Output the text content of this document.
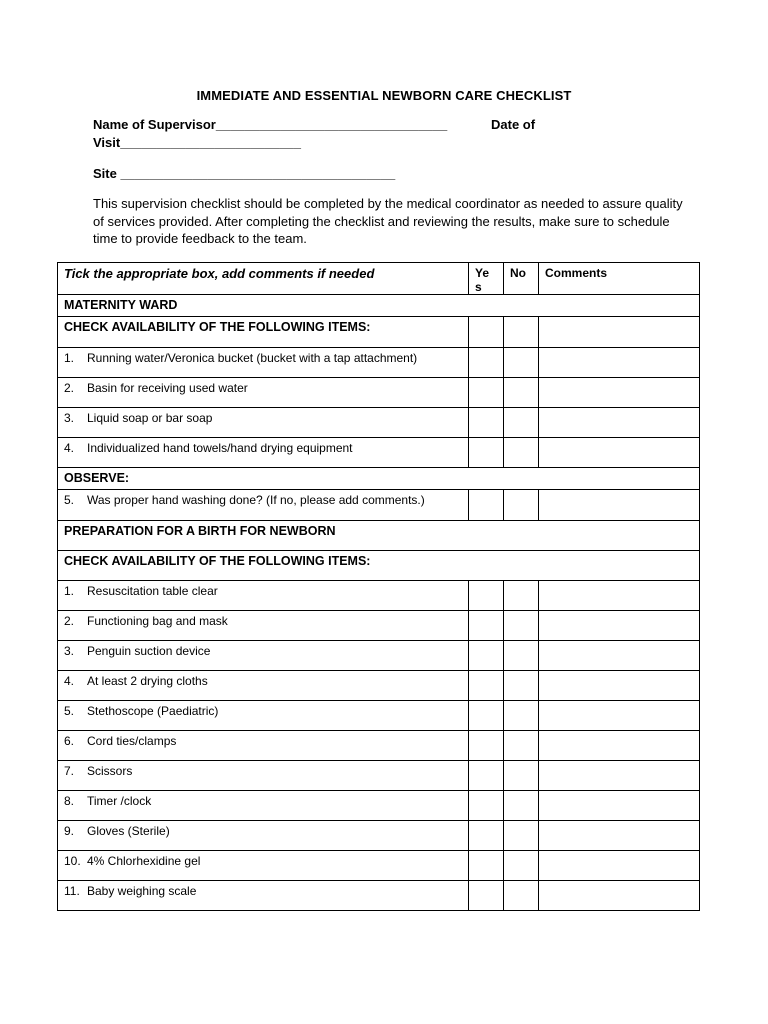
IMMEDIATE AND ESSENTIAL NEWBORN CARE CHECKLIST
Name of Supervisor________________________________	Date of
Visit_________________________
Site ______________________________________
This supervision checklist should be completed by the medical coordinator as needed to assure quality of services provided. After completing the checklist and reviewing the results, make sure to schedule time to provide feedback to the team.
Tick the appropriate box, add comments if needed	Yes	No	Comments
MATERNITY WARD			
CHECK AVAILABILITY OF THE FOLLOWING ITEMS:			
1. Running water/Veronica bucket (bucket with a tap attachment)			
2. Basin for receiving used water			
3. Liquid soap or bar soap			
4. Individualized hand towels/hand drying equipment			
OBSERVE:			
5. Was proper hand washing done? (If no, please add comments.)			
PREPARATION FOR A BIRTH FOR NEWBORN			
CHECK AVAILABILITY OF THE FOLLOWING ITEMS:			
1. Resuscitation table clear			
2. Functioning bag and mask			
3. Penguin suction device			
4. At least 2 drying cloths			
5. Stethoscope (Paediatric)			
6. Cord ties/clamps			
7. Scissors			
8. Timer /clock			
9. Gloves (Sterile)			
10. 4% Chlorhexidine gel			
11. Baby weighing scale			
